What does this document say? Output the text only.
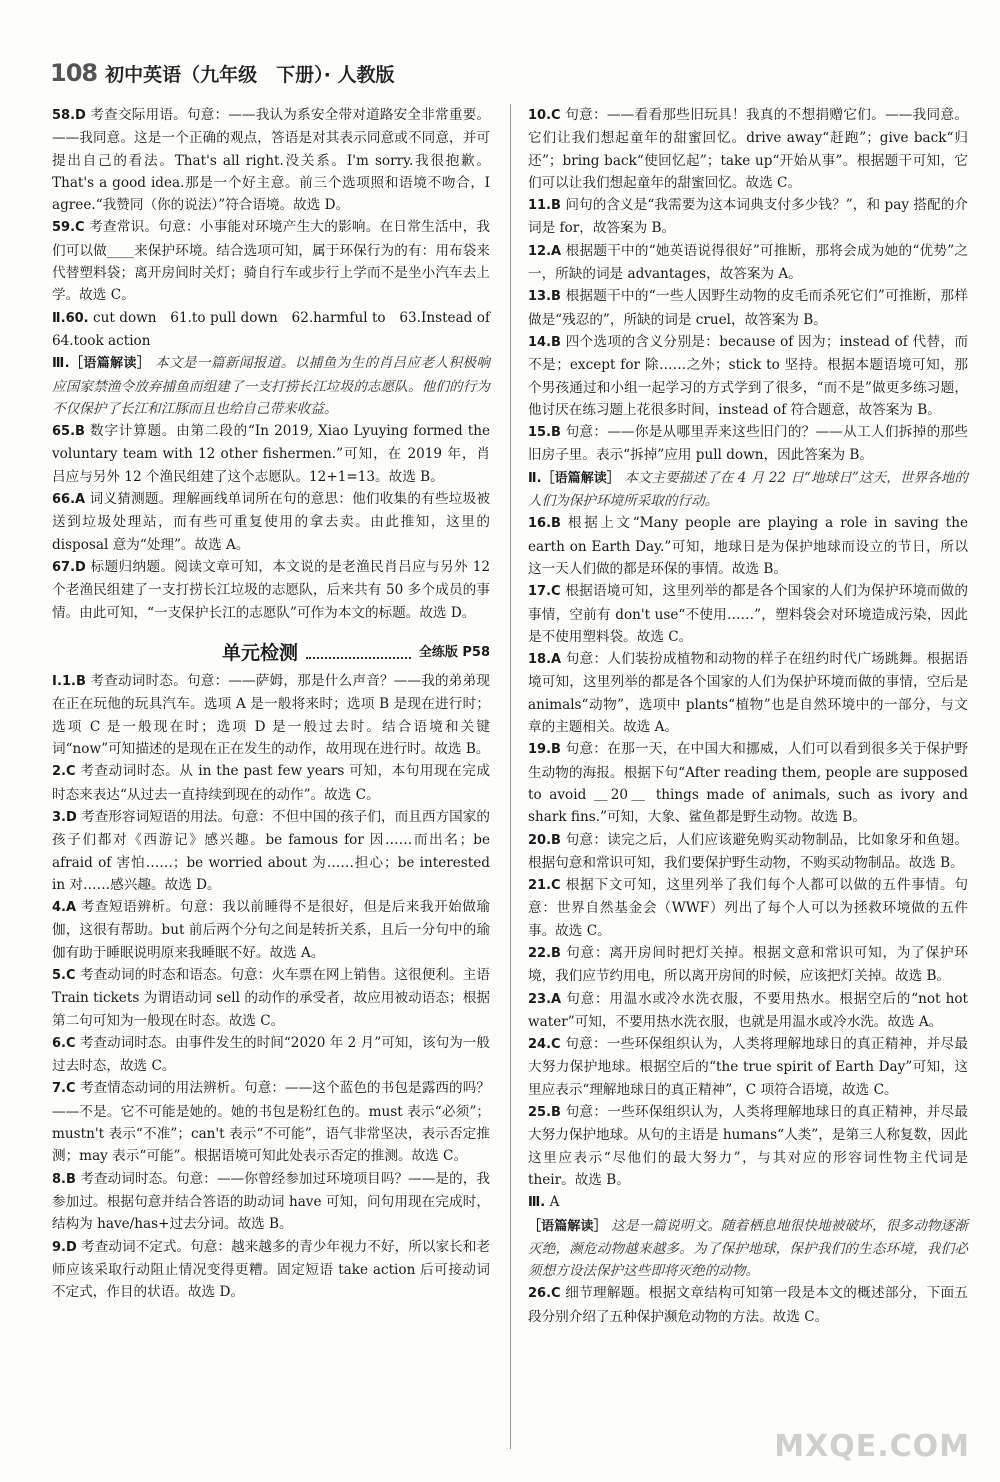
108 初中英语（九年级　下册）· 人教版
58.D 考查交际用语。句意：——我认为系安全带对道路安全非常重要。——我同意。这是一个正确的观点，答语是对其表示同意或不同意，并可提出自己的看法。That's all right.没关系。I'm sorry.我很抱歉。That's a good idea.那是一个好主意。前三个选项照和语境不吻合，I agree.“我赞同（你的说法）”符合语境。故选 D。
59.C 考查常识。句意：小事能对环境产生大的影响。在日常生活中，我们可以做____来保护环境。结合选项可知，属于环保行为的有：用布袋来代替塑料袋；离开房间时关灯；骑自行车或步行上学而不是坐小汽车去上学。故选 C。
Ⅱ.60. cut down　61.to pull down　62.harmful to　63.Instead of　64.took action
Ⅲ.［语篇解读］ 本文是一篇新闻报道。以捕鱼为生的肖吕应老人积极响应国家禁渔令放弃捕鱼而组建了一支打捞长江垃圾的志愿队。他们的行为不仅保护了长江和江豚而且也给自己带来收益。
65.B 数字计算题。由第二段的“In 2019, Xiao Lyuying formed the voluntary team with 12 other fishermen.”可知，在 2019 年，肖吕应与另外 12 个渔民组建了这个志愿队。12+1=13。故选 B。
66.A 词义猜测题。理解画线单词所在句的意思：他们收集的有些垃圾被送到垃圾处理站，而有些可重复使用的拿去卖。由此推知，这里的 disposal 意为“处理”。故选 A。
67.D 标题归纳题。阅读文章可知，本文说的是老渔民肖吕应与另外 12 个老渔民组建了一支打捞长江垃圾的志愿队，后来共有 50 多个成员的事情。由此可知，“一支保护长江的志愿队”可作为本文的标题。故选 D。
单元检测	全练版 P58
Ⅰ.1.B 考查动词时态。句意：——萨姆，那是什么声音？——我的弟弟现在正在玩他的玩具汽车。选项 A 是一般将来时；选项 B 是现在进行时；选项 C 是一般现在时；选项 D 是一般过去时。结合语境和关键词“now”可知描述的是现在正在发生的动作，故用现在进行时。故选 B。
2.C 考查动词时态。从 in the past few years 可知，本句用现在完成时态来表达“从过去一直持续到现在的动作”。故选 C。
3.D 考查形容词短语的用法。句意：不但中国的孩子们，而且西方国家的孩子们都对《西游记》感兴趣。be famous for 因……而出名；be afraid of 害怕……；be worried about 为……担心；be interested in 对……感兴趣。故选 D。
4.A 考查短语辨析。句意：我以前睡得不是很好，但是后来我开始做瑜伽，这很有帮助。but 前后两个分句之间是转折关系，且后一分句中的瑜伽有助于睡眠说明原来我睡眠不好。故选 A。
5.C 考查动词的时态和语态。句意：火车票在网上销售。这很便利。主语 Train tickets 为谓语动词 sell 的动作的承受者，故应用被动语态；根据第二句可知为一般现在时态。故选 C。
6.C 考查动词时态。由事件发生的时间“2020 年 2 月”可知，该句为一般过去时态，故选 C。
7.C 考查情态动词的用法辨析。句意：——这个蓝色的书包是露西的吗？——不是。它不可能是她的。她的书包是粉红色的。must 表示“必须”；mustn't 表示“不准”；can't 表示“不可能”，语气非常坚决，表示否定推测；may 表示“可能”。根据语境可知此处表示否定的推测。故选 C。
8.B 考查动词时态。句意：——你曾经参加过环境项目吗？——是的，我参加过。根据句意并结合答语的助动词 have 可知，问句用现在完成时，结构为 have/has+过去分词。故选 B。
9.D 考查动词不定式。句意：越来越多的青少年视力不好，所以家长和老师应该采取行动阻止情况变得更糟。固定短语 take action 后可接动词不定式，作目的状语。故选 D。
10.C 句意：——看看那些旧玩具！我真的不想捐赠它们。——我同意。它们让我们想起童年的甜蜜回忆。drive away“赶跑”；give back“归还”；bring back“使回忆起”；take up“开始从事”。根据题干可知，它们可以让我们想起童年的甜蜜回忆。故选 C。
11.B 问句的含义是“我需要为这本词典支付多少钱？”，和 pay 搭配的介词是 for，故答案为 B。
12.A 根据题干中的“她英语说得很好”可推断，那将会成为她的“优势”之一，所缺的词是 advantages，故答案为 A。
13.B 根据题干中的“一些人因野生动物的皮毛而杀死它们”可推断，那样做是“残忍的”，所缺的词是 cruel，故答案为 B。
14.B 四个选项的含义分别是：because of 因为；instead of 代替，而不是；except for 除……之外；stick to 坚持。根据本题语境可知，那个男孩通过和小组一起学习的方式学到了很多，“而不是”做更多练习题，他讨厌在练习题上花很多时间，instead of 符合题意，故答案为 B。
15.B 句意：——你是从哪里弄来这些旧门的？——从工人们拆掉的那些旧房子里。表示“拆掉”应用 pull down，因此答案为 B。
Ⅱ.［语篇解读］ 本文主要描述了在 4 月 22 日“地球日”这天，世界各地的人们为保护环境所采取的行动。
16.B 根据上文“Many people are playing a role in saving the earth on Earth Day.”可知，地球日是为保护地球而设立的节日，所以这一天人们做的都是环保的事情。故选 B。
17.C 根据语境可知，这里列举的都是各个国家的人们为保护环境而做的事情，空前有 don't use“不使用……”，塑料袋会对环境造成污染，因此是不使用塑料袋。故选 C。
18.A 句意：人们装扮成植物和动物的样子在纽约时代广场跳舞。根据语境可知，这里列举的都是各个国家的人们为保护环境而做的事情，空后是 animals“动物”，选项中 plants“植物”也是自然环境中的一部分，与文章的主题相关。故选 A。
19.B 句意：在那一天，在中国大和挪威，人们可以看到很多关于保护野生动物的海报。根据下句“After reading them, people are supposed to avoid ＿20＿ things made of animals, such as ivory and shark fins.”可知，大象、鲨鱼都是野生动物。故选 B。
20.B 句意：读完之后，人们应该避免购买动物制品，比如象牙和鱼翅。根据句意和常识可知，我们要保护野生动物，不购买动物制品。故选 B。
21.C 根据下文可知，这里列举了我们每个人都可以做的五件事情。句意：世界自然基金会（WWF）列出了每个人可以为拯救环境做的五件事。故选 C。
22.B 句意：离开房间时把灯关掉。根据文意和常识可知，为了保护环境，我们应节约用电，所以离开房间的时候，应该把灯关掉。故选 B。
23.A 句意：用温水或冷水洗衣服，不要用热水。根据空后的“not hot water”可知，不要用热水洗衣服，也就是用温水或冷水洗。故选 A。
24.C 句意：一些环保组织认为，人类将理解地球日的真正精神，并尽最大努力保护地球。根据空后的“the true spirit of Earth Day”可知，这里应表示“理解地球日的真正精神”，C 项符合语境，故选 C。
25.B 句意：一些环保组织认为，人类将理解地球日的真正精神，并尽最大努力保护地球。从句的主语是 humans“人类”，是第三人称复数，因此这里应表示“尽他们的最大努力”，与其对应的形容词性物主代词是 their。故选 B。
Ⅲ. A
［语篇解读］ 这是一篇说明文。随着栖息地很快地被破坏，很多动物逐渐灭绝，濒危动物越来越多。为了保护地球，保护我们的生态环境，我们必须想方设法保护这些即将灭绝的动物。
26.C 细节理解题。根据文章结构可知第一段是本文的概述部分，下面五段分别介绍了五种保护濒危动物的方法。故选 C。
MXQE.COM
